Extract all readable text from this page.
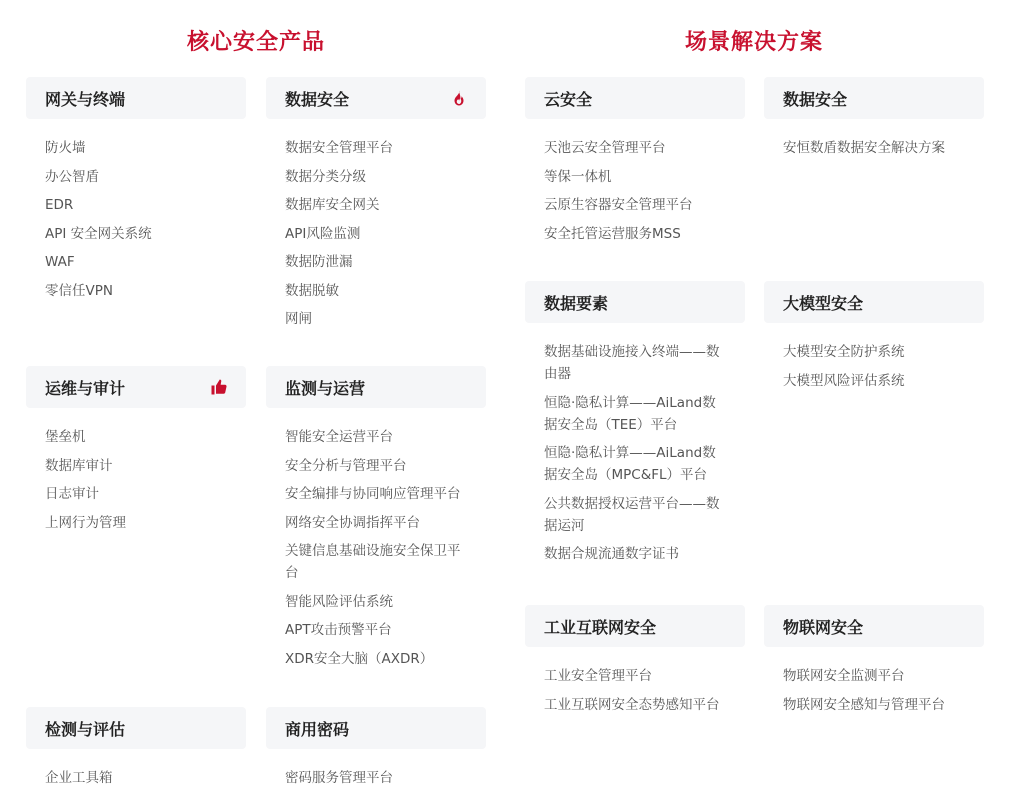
核心安全产品	场景解决方案
网关与终端
防火墙
办公智盾
EDR
API 安全网关系统
WAF
零信任VPN
运维与审计
堡垒机
数据库审计
日志审计
上网行为管理
检测与评估
企业工具箱
数据安全
数据安全管理平台
数据分类分级
数据库安全网关
API风险监测
数据防泄漏
数据脱敏
网闸
监测与运营
智能安全运营平台
安全分析与管理平台
安全编排与协同响应管理平台
网络安全协调指挥平台
关键信息基础设施安全保卫平台
智能风险评估系统
APT攻击预警平台
XDR安全大脑（AXDR）
商用密码
密码服务管理平台
云安全
天池云安全管理平台
等保一体机
云原生容器安全管理平台
安全托管运营服务MSS
数据要素
数据基础设施接入终端——数由器
恒隐·隐私计算——AiLand数据安全岛（TEE）平台
恒隐·隐私计算——AiLand数据安全岛（MPC&FL）平台
公共数据授权运营平台——数据运河
数据合规流通数字证书
工业互联网安全
工业安全管理平台
工业互联网安全态势感知平台
数据安全
安恒数盾数据安全解决方案
大模型安全
大模型安全防护系统
大模型风险评估系统
物联网安全
物联网安全监测平台
物联网安全感知与管理平台
